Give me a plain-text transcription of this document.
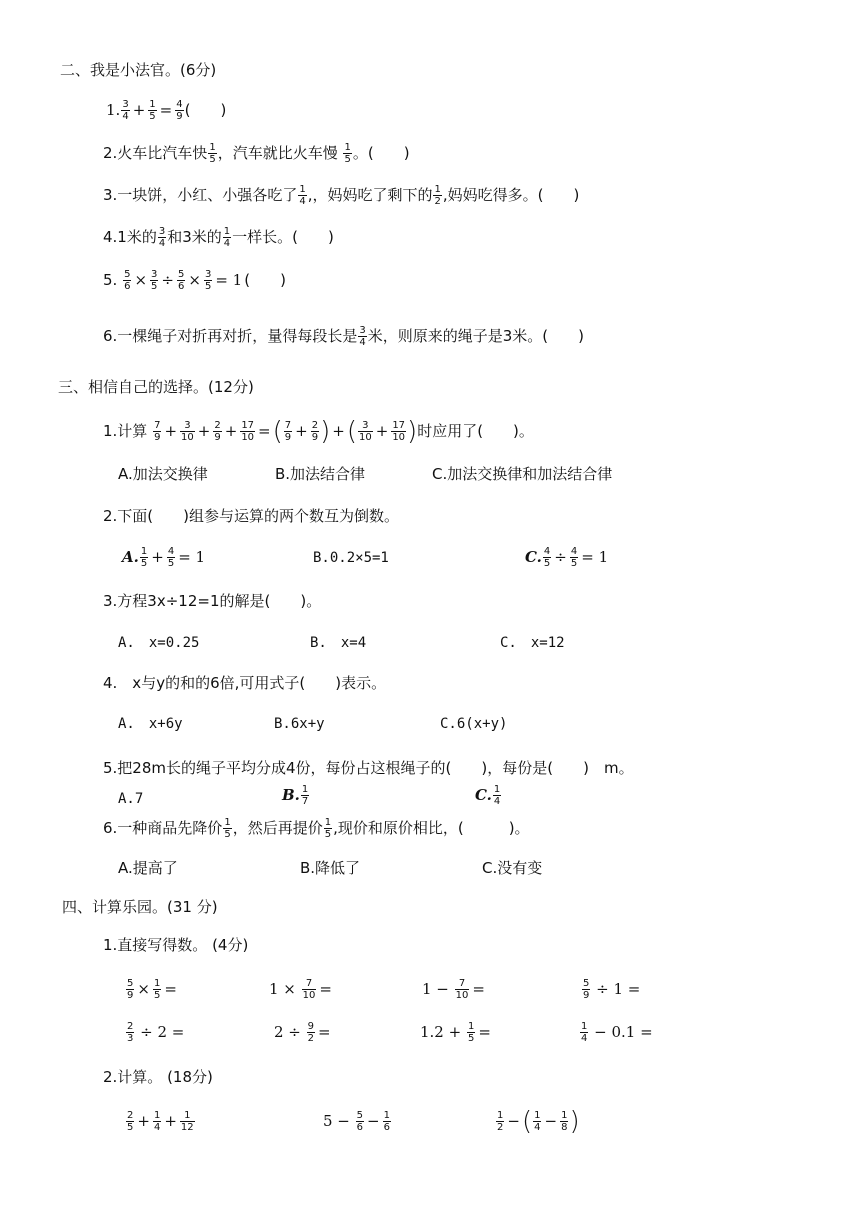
二、我是小法官。(6分)
1. $\frac{3}{4} + \frac{1}{5} = \frac{4}{9}$ (　　)
2.火车比汽车快 $\frac{1}{5}$ ，汽车就比火车慢 $\frac{1}{5}$ 。(　　)
3.一块饼，小红、小强各吃了 $\frac{1}{4}$ ,，妈妈吃了剩下的 $\frac{1}{2}$ ,妈妈吃得多。(　　)
4.1米的 $\frac{3}{4}$ 和3米的 $\frac{1}{4}$ 一样长。(　　)
5. $\frac{5}{6} \times \frac{3}{5} \div \frac{5}{6} \times \frac{3}{5} = 1$ (　　)
6.一棵绳子对折再对折，量得每段长是 $\frac{3}{4}$ 米，则原来的绳子是3米。(　　)
三、相信自己的选择。(12分)
1.计算 $\frac{7}{9} + \frac{3}{10} + \frac{2}{9} + \frac{17}{10}$ =( $\frac{7}{9} + \frac{2}{9}$ ) +( $\frac{3}{10} + \frac{17}{10}$ )时应用了(　　)。
A.加法交换律	B.加法结合律	C.加法交换律和加法结合律
2.下面(　　)组参与运算的两个数互为倒数。
A. $\frac{1}{5} + \frac{4}{5} = 1$	B.0.2×5=1	C. $\frac{4}{5} \div \frac{4}{5} = 1$
3.方程3x÷12=1的解是(　　)。
A.　x=0.25	B.　x=4	C.　x=12
4.　x与y的和的6倍,可用式子(　　)表示。
A.　x+6y	B.6x+y	C.6(x+y)
5.把28m长的绳子平均分成4份，每份占这根绳子的(　　)，每份是(　　)　m。
A.7	B. $\frac{1}{7}$	C. $\frac{1}{4}$
6.一种商品先降价 $\frac{1}{5}$ ，然后再提价 $\frac{1}{5}$ ,现价和原价相比，(　　　)。
A.提高了	B.降低了	C.没有变
四、计算乐园。(31 分)
1.直接写得数。 (4分)
$\frac{5}{9} \times \frac{1}{5}$ =	$1 \times \frac{7}{10}$ =	$1 - \frac{7}{10}$ =	$\frac{5}{9} \div 1$ =
$\frac{2}{3} \div 2$ =	$2 \div \frac{9}{2}$ =	$1.2 + \frac{1}{5}$ =	$\frac{1}{4} - 0.1$ =
2.计算。 (18分)
$\frac{2}{5} + \frac{1}{4} + \frac{1}{12}$	$5 - \frac{5}{6} - \frac{1}{6}$	$\frac{1}{2}$ −( $\frac{1}{4} - \frac{1}{8}$ )
